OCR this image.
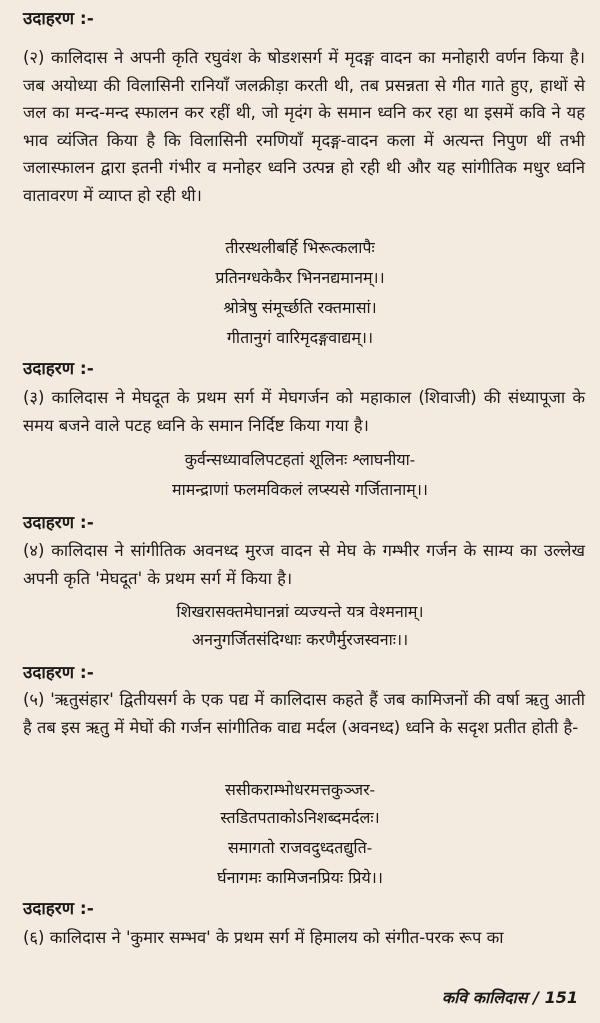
उदाहरण :-
(२) कालिदास ने अपनी कृति रघुवंश के षोडशसर्ग में मृदङ्ग वादन का मनोहारी वर्णन किया है। जब अयोध्या की विलासिनी रानियाँ जलक्रीड़ा करती थी, तब प्रसन्नता से गीत गाते हुए, हाथों से जल का मन्द-मन्द स्फालन कर रहीं थी, जो मृदंग के समान ध्वनि कर रहा था इसमें कवि ने यह भाव व्यंजित किया है कि विलासिनी रमणियाँ मृदङ्ग-वादन कला में अत्यन्त निपुण थीं तभी जलास्फालन द्वारा इतनी गंभीर व मनोहर ध्वनि उत्पन्न हो रही थी और यह सांगीतिक मधुर ध्वनि वातावरण में व्याप्त हो रही थी।
तीरस्थलीबर्हि भिरूत्कलापैः
प्रतिनग्धकेकैर भिननद्यमानम्।।
श्रोत्रेषु संमूर्च्छति रक्तमासां।
गीतानुगं वारिमृदङ्गवाद्यम्।।
उदाहरण :-
(३) कालिदास ने मेघदूत के प्रथम सर्ग में मेघगर्जन को महाकाल (शिवाजी) की संध्यापूजा के समय बजने वाले पटह ध्वनि के समान निर्दिष्ट किया गया है।
कुर्वन्सध्यावलिपटहतां शूलिनः श्लाघनीया-
मामन्द्राणां फलमविकलं लप्स्यसे गर्जितानाम्।।
उदाहरण :-
(४) कालिदास ने सांगीतिक अवनध्द मुरज वादन से मेघ के गम्भीर गर्जन के साम्य का उल्लेख अपनी कृति 'मेघदूत' के प्रथम सर्ग में किया है।
शिखरासक्तमेघानन्नां व्यज्यन्ते यत्र वेश्मनाम्।
अननुगर्जितसंदिग्धाः करणैर्मुरजस्वनाः।।
उदाहरण :-
(५) 'ऋतुसंहार' द्वितीयसर्ग के एक पद्य में कालिदास कहते हैं जब कामिजनों की वर्षा ऋतु आती है तब इस ऋतु में मेघों की गर्जन सांगीतिक वाद्य मर्दल (अवनध्द) ध्वनि के सदृश प्रतीत होती है-
ससीकराम्भोधरमत्तकुञ्जर-
स्तडितपताकोऽनिशब्दमर्दलः।
समागतो राजवदुध्दतद्युति-
र्घनागमः कामिजनप्रियः प्रिये।।
उदाहरण :-
(६) कालिदास ने 'कुमार सम्भव' के प्रथम सर्ग में हिमालय को संगीत-परक रूप का
कवि कालिदास / 151
